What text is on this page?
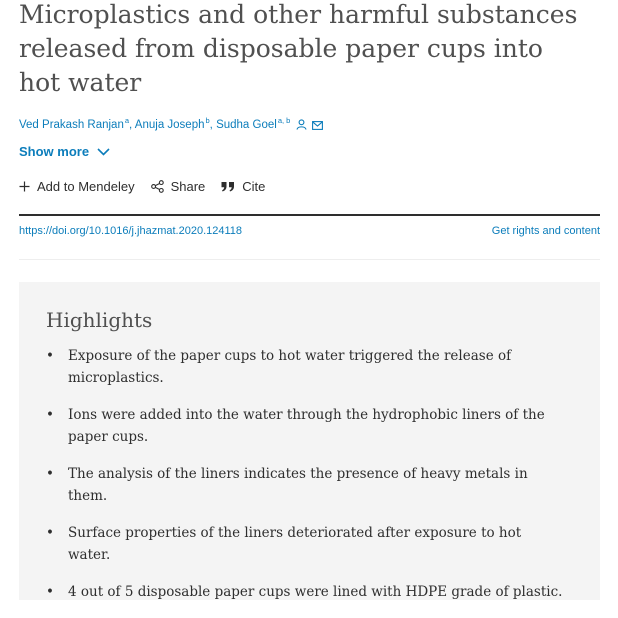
Microplastics and other harmful substances released from disposable paper cups into hot water
Ved Prakash Ranjan$^a$, Anuja Joseph$^b$, Sudha Goel$^{a, b}$
Show more
Add to Mendeley	Share	Cite
https://doi.org/10.1016/j.jhazmat.2020.124118	Get rights and content
Highlights
• Exposure of the paper cups to hot water triggered the release of microplastics.
• Ions were added into the water through the hydrophobic liners of the paper cups.
• The analysis of the liners indicates the presence of heavy metals in them.
• Surface properties of the liners deteriorated after exposure to hot water.
• 4 out of 5 disposable paper cups were lined with HDPE grade of plastic.
